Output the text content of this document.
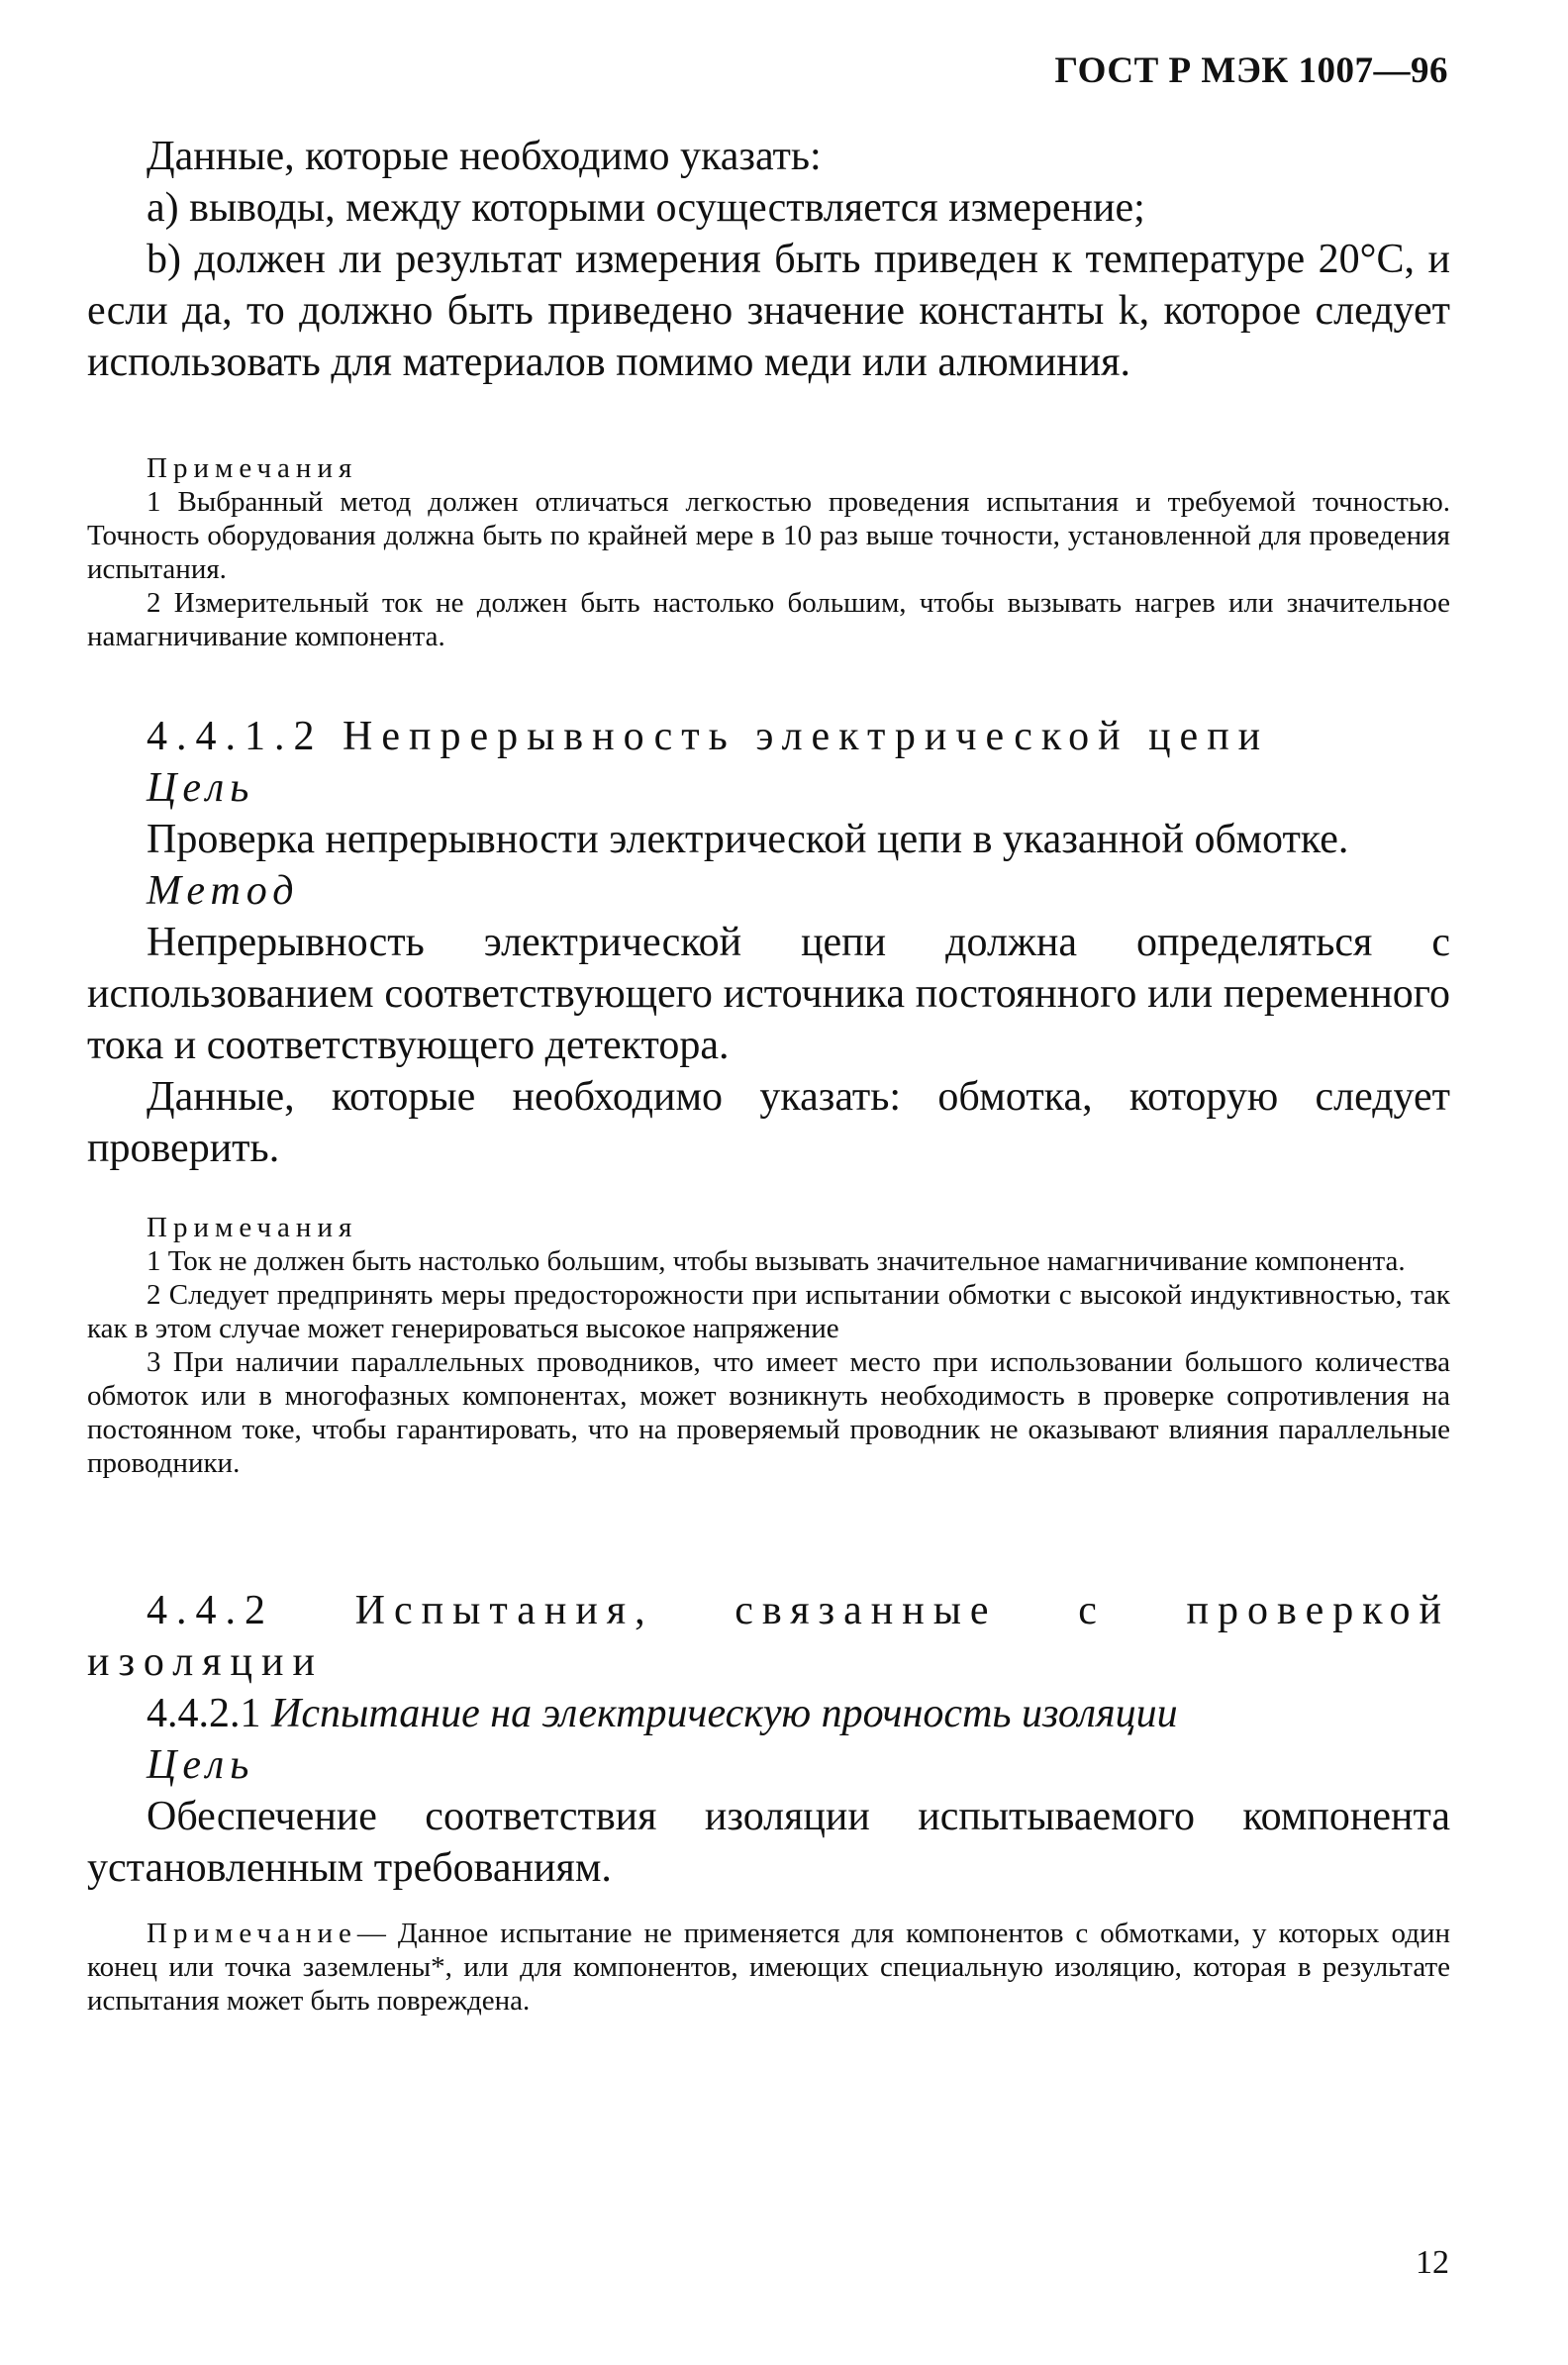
ГОСТ Р МЭК 1007—96

Данные, которые необходимо указать:

a) выводы, между которыми осуществляется измерение;

b) должен ли результат измерения быть приведен к температуре 20°С, и если да, то должно быть приведено значение константы k, которое следует использовать для материалов помимо меди или алюминия.

Примечания

1 Выбранный метод должен отличаться легкостью проведения испытания и требуемой точностью. Точность оборудования должна быть по крайней мере в 10 раз выше точности, установленной для проведения испытания.

2 Измерительный ток не должен быть настолько большим, чтобы вызывать нагрев или значительное намагничивание компонента.

4.4.1.2 Непрерывность электрической цепи

Цель

Проверка непрерывности электрической цепи в указанной обмотке.

Метод

Непрерывность электрической цепи должна определяться с использованием соответствующего источника постоянного или переменного тока и соответствующего детектора.

Данные, которые необходимо указать: обмотка, которую следует проверить.

Примечания

1 Ток не должен быть настолько большим, чтобы вызывать значительное намагничивание компонента.

2 Следует предпринять меры предосторожности при испытании обмотки с высокой индуктивностью, так как в этом случае может генерироваться высокое напряжение

3 При наличии параллельных проводников, что имеет место при использовании большого количества обмоток или в многофазных компонентах, может возникнуть необходимость в проверке сопротивления на постоянном токе, чтобы гарантировать, что на проверяемый проводник не оказывают влияния параллельные проводники.

4.4.2 Испытания, связанные с проверкой изоляции

4.4.2.1 Испытание на электрическую прочность изоляции

Цель

Обеспечение соответствия изоляции испытываемого компонента установленным требованиям.

Примечание— Данное испытание не применяется для компонентов с обмотками, у которых один конец или точка заземлены*, или для компонентов, имеющих специальную изоляцию, которая в результате испытания может быть повреждена.

12
